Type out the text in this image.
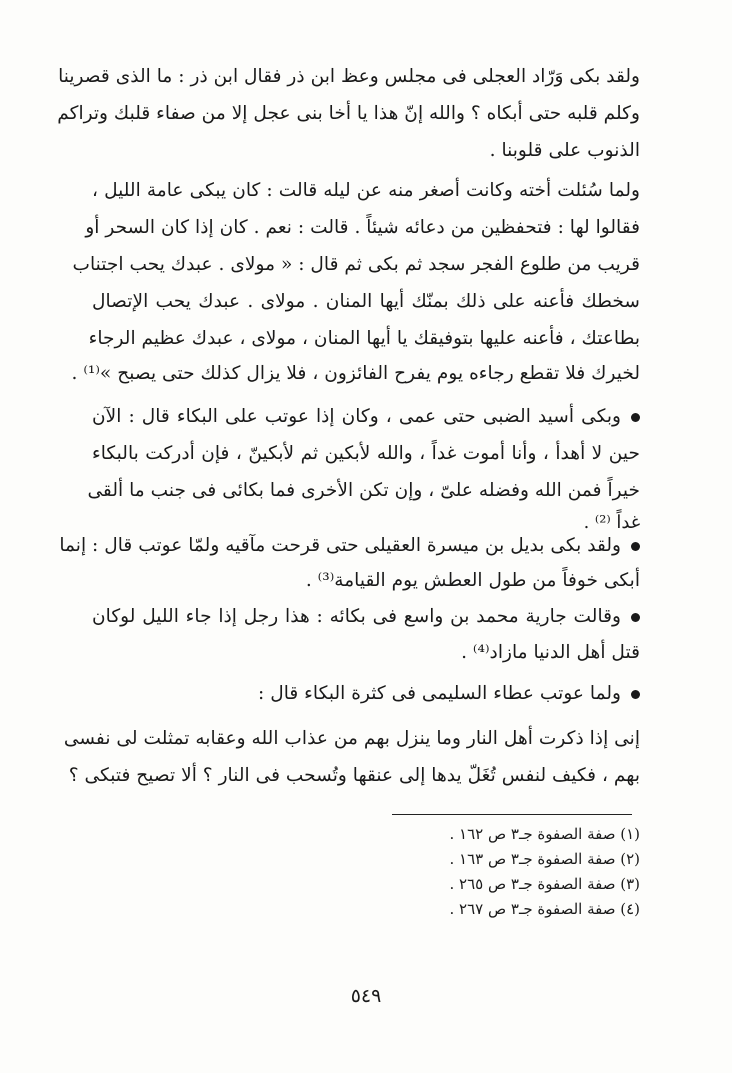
ولقد بكى وَرّاد العجلى فى مجلس وعظ ابن ذر فقال ابن ذر : ما الذى قصرينا
وكلم قلبه حتى أبكاه ؟ والله إنّ هذا يا أخا بنى عجل إلا من صفاء قلبك وتراكم
الذنوب على قلوبنا .
ولما سُئلت أخته وكانت أصغر منه عن ليله قالت : كان يبكى عامة الليل ،
فقالوا لها : فتحفظين من دعائه شيئاً . قالت : نعم . كان إذا كان السحر أو
قريب من طلوع الفجر سجد ثم بكى ثم قال : « مولاى . عبدك يحب اجتناب
سخطك فأعنه على ذلك بمنّك أيها المنان . مولاى . عبدك يحب الإتصال
بطاعتك ، فأعنه عليها بتوفيقك يا أيها المنان ، مولاى ، عبدك عظيم الرجاء
لخيرك فلا تقطع رجاءه يوم يفرح الفائزون ، فلا يزال كذلك حتى يصبح »⁽¹⁾ .
وبكى أسيد الضبى حتى عمى ، وكان إذا عوتب على البكاء قال : الآن
حين لا أهدأ ، وأنا أموت غداً ، والله لأبكين ثم لأبكينّ ، فإن أدركت بالبكاء
خيراً فمن الله وفضله علىّ ، وإن تكن الأخرى فما بكائى فى جنب ما ألقى
غداً ⁽²⁾ .
ولقد بكى بديل بن ميسرة العقيلى حتى قرحت مآقيه ولمّا عوتب قال : إنما
أبكى خوفاً من طول العطش يوم القيامة⁽³⁾ .
وقالت جارية محمد بن واسع فى بكائه : هذا رجل إذا جاء الليل لوكان
قتل أهل الدنيا مازاد⁽⁴⁾ .
ولما عوتب عطاء السليمى فى كثرة البكاء قال :
إنى إذا ذكرت أهل النار وما ينزل بهم من عذاب الله وعقابه تمثلت لى نفسى
بهم ، فكيف لنفس تُغَلّ يدها إلى عنقها وتُسحب فى النار ؟ ألا تصيح فتبكى ؟
(١) صفة الصفوة جـ٣ ص ١٦٢ .
(٢) صفة الصفوة جـ٣ ص ١٦٣ .
(٣) صفة الصفوة جـ٣ ص ٢٦٥ .
(٤) صفة الصفوة جـ٣ ص ٢٦٧ .
٥٤٩
